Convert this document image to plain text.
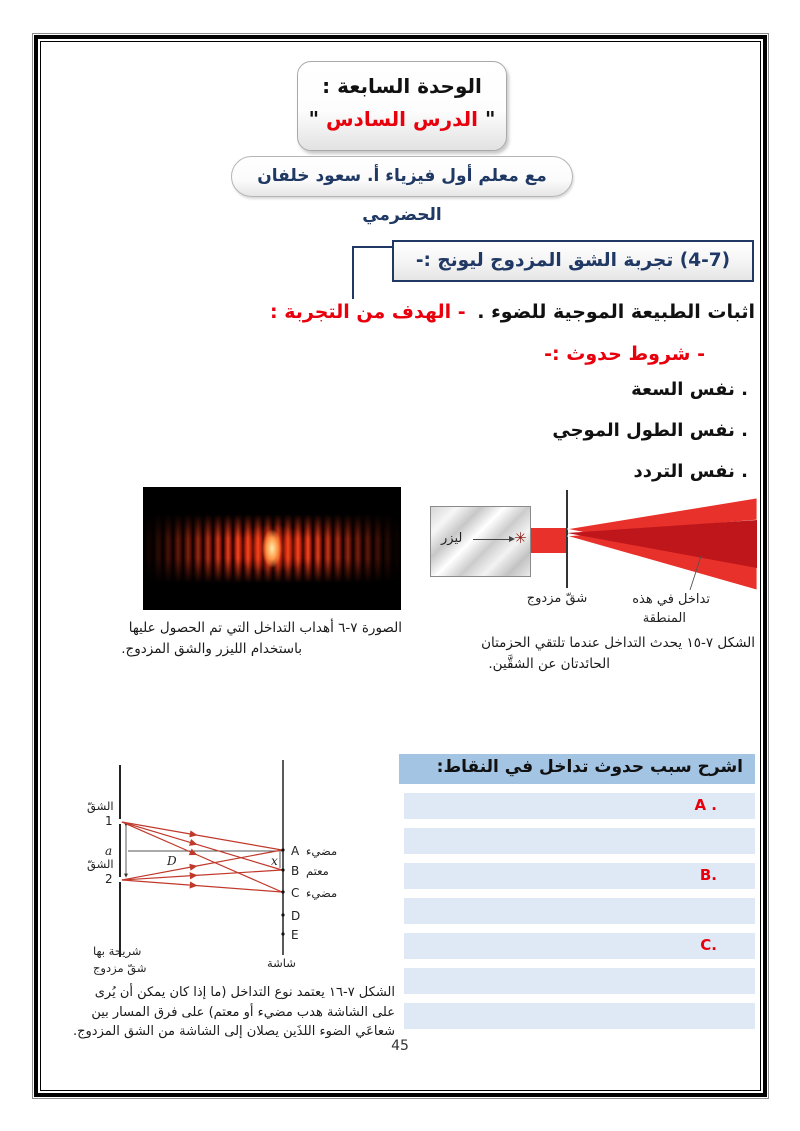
الوحدة السابعة :
" الدرس السادس "
مع معلم أول فيزياء أ. سعود خلفان الحضرمي
(4-7) تجربة الشق المزدوج ليونج :-
اثبات الطبيعة الموجية للضوء . - الهدف من التجربة :
- شروط حدوث :-
. نفس السعة
. نفس الطول الموجي
. نفس التردد
الصورة ٧-٦ أهداب التداخل التي تم الحصول عليها
باستخدام الليزر والشق المزدوج.
ليزر	✳
شقّ مزدوج	تداخل في هذه
المنطقة
الشكل ٧-١٥ يحدث التداخل عندما تلتقي الحزمتان
الحائدتان عن الشقَّين.
a
D	x
الشقّ
1
الشقّ
2
A مضيء
B معتم
C مضيء
D
E
شريحة بها
شقّ مزدوج	شاشة
الشكل ٧-١٦ يعتمد نوع التداخل (ما إذا كان يمكن أن يُرى
على الشاشة هدب مضيء أو معتم) على فرق المسار بين
شعاعَي الضوء اللذَين يصلان إلى الشاشة من الشق المزدوج.
اشرح سبب حدوث تداخل في النقاط:
A .
B.
C.
45
